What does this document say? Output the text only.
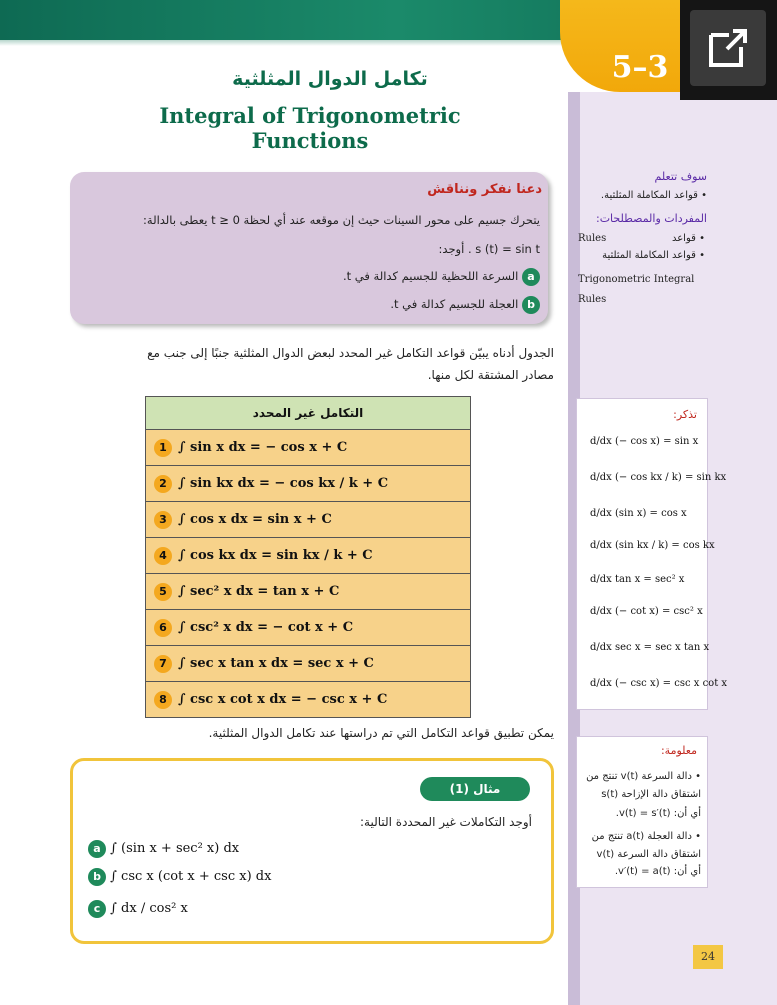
5–3
تكامل الدوال المثلثية
Integral of Trigonometric Functions
دعنا نفكر ونناقش
يتحرك جسيم على محور السينات حيث إن موقعه عند أي لحظة 0 ≤ t يعطى بالدالة:
s (t) = sin t . أوجد:
a السرعة اللحظية للجسيم كدالة في t.
b العجلة للجسيم كدالة في t.
الجدول أدناه يبيّن قواعد التكامل غير المحدد لبعض الدوال المثلثية جنبًا إلى جنب مع
مصادر المشتقة لكل منها.
التكامل غير المحدد
1 ∫ sin x dx = − cos x + C
2 ∫ sin kx dx = − cos kx / k + C
3 ∫ cos x dx = sin x + C
4 ∫ cos kx dx = sin kx / k + C
5 ∫ sec² x dx = tan x + C
6 ∫ csc² x dx = − cot x + C
7 ∫ sec x tan x dx = sec x + C
8 ∫ csc x cot x dx = − csc x + C
يمكن تطبيق قواعد التكامل التي تم دراستها عند تكامل الدوال المثلثية.
مثال (1)
أوجد التكاملات غير المحددة التالية:
a ∫ (sin x + sec² x) dx
b ∫ csc x (cot x + csc x) dx
c ∫ dx / cos² x
سوف تتعلم
• قواعد المكاملة المثلثية.
المفردات والمصطلحات:
Rules	• قواعد
• قواعد المكاملة المثلثية
Trigonometric Integral Rules
تذكر:
d/dx (− cos x) = sin x
d/dx (− cos kx / k) = sin kx
d/dx (sin x) = cos x
d/dx (sin kx / k) = cos kx
d/dx tan x = sec² x
d/dx (− cot x) = csc² x
d/dx sec x = sec x tan x
d/dx (− csc x) = csc x cot x
معلومة:
• دالة السرعة v(t) تنتج من اشتقاق دالة الإزاحة s(t)
أي أن: v(t) = s′(t).
• دالة العجلة a(t) تنتج من اشتقاق دالة السرعة v(t)
أي أن: v′(t) = a(t).
24
